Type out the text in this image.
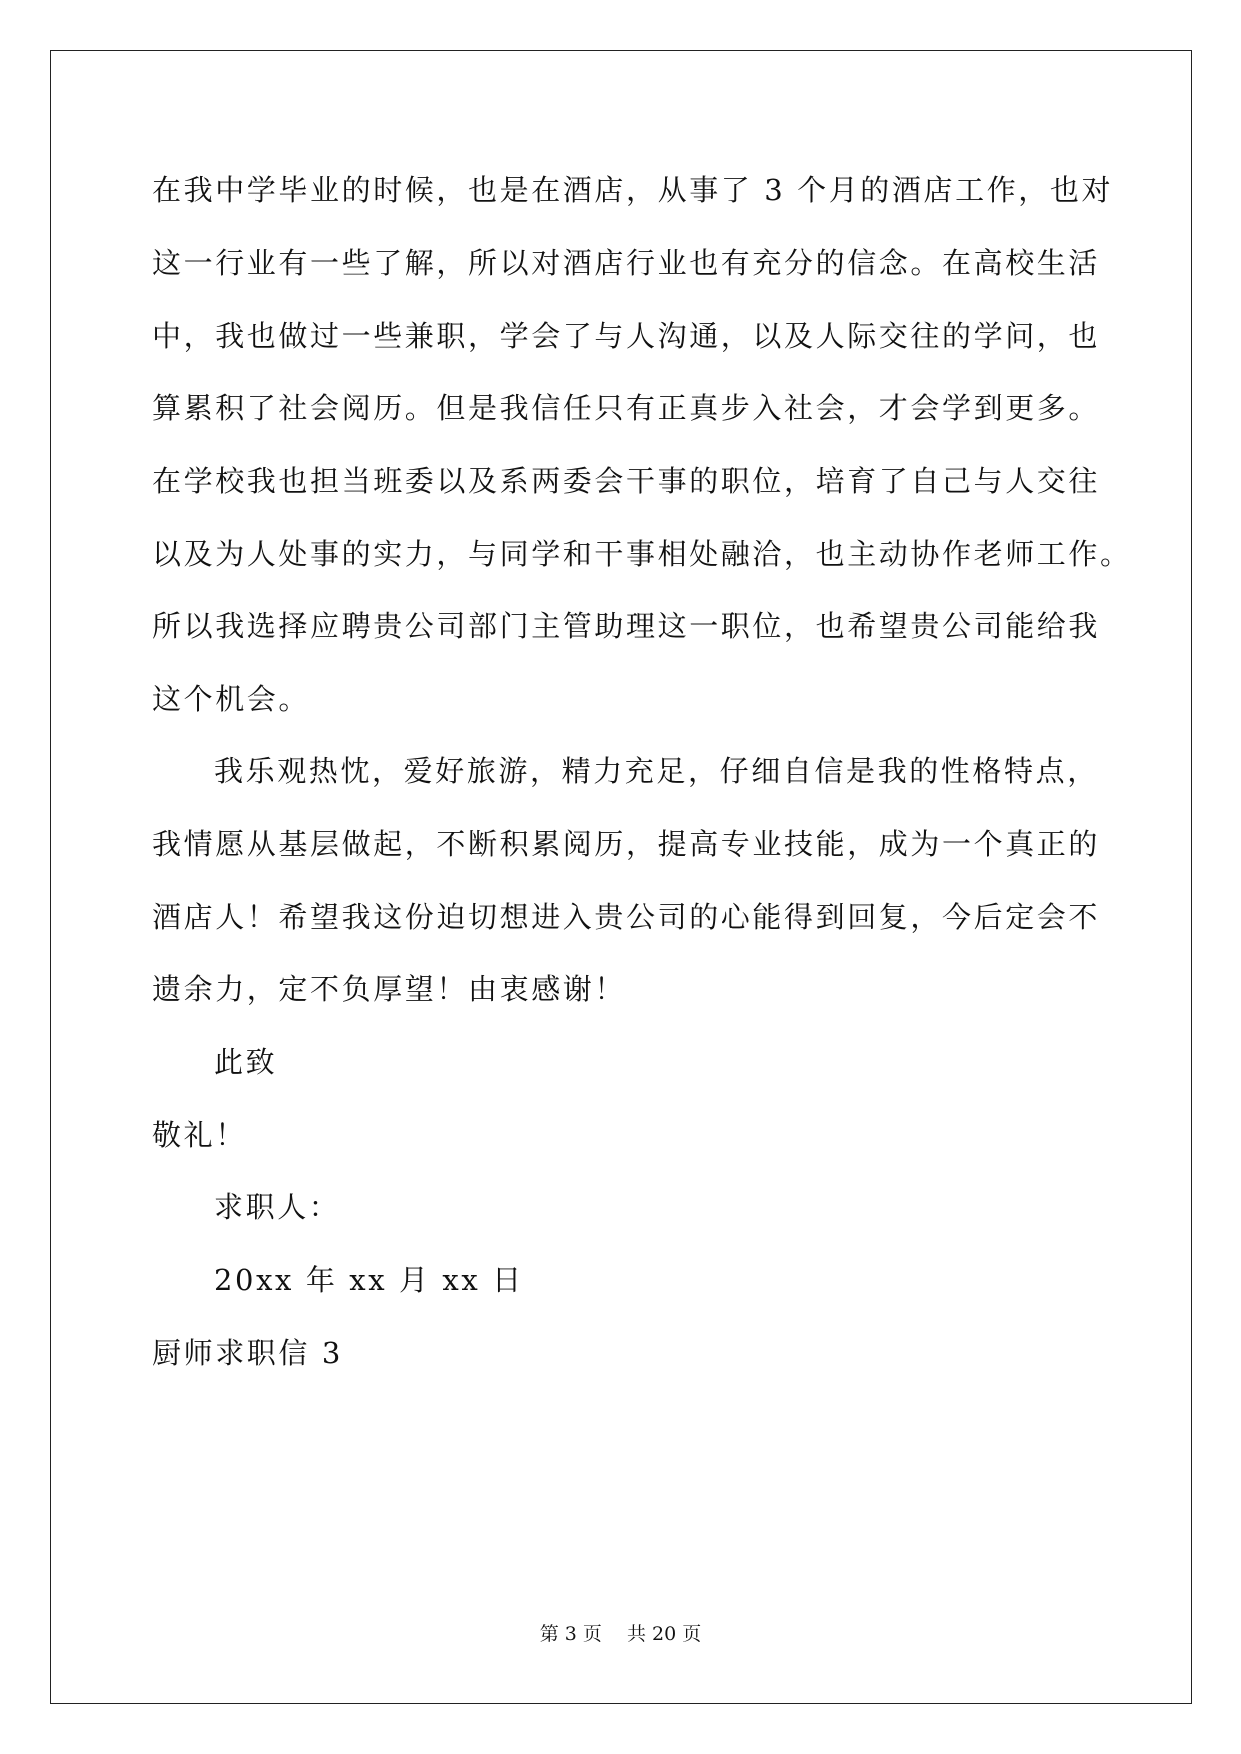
在我中学毕业的时候，也是在酒店，从事了 3 个月的酒店工作，也对
这一行业有一些了解，所以对酒店行业也有充分的信念。在高校生活
中，我也做过一些兼职，学会了与人沟通，以及人际交往的学问，也
算累积了社会阅历。但是我信任只有正真步入社会，才会学到更多。
在学校我也担当班委以及系两委会干事的职位，培育了自己与人交往
以及为人处事的实力，与同学和干事相处融洽，也主动协作老师工作。
所以我选择应聘贵公司部门主管助理这一职位，也希望贵公司能给我
这个机会。
我乐观热忱，爱好旅游，精力充足，仔细自信是我的性格特点，
我情愿从基层做起，不断积累阅历，提高专业技能，成为一个真正的
酒店人！希望我这份迫切想进入贵公司的心能得到回复，今后定会不
遗余力，定不负厚望！由衷感谢！
此致
敬礼！
求职人：
20xx 年 xx 月 xx 日
厨师求职信 3
第 3 页　 共 20 页
